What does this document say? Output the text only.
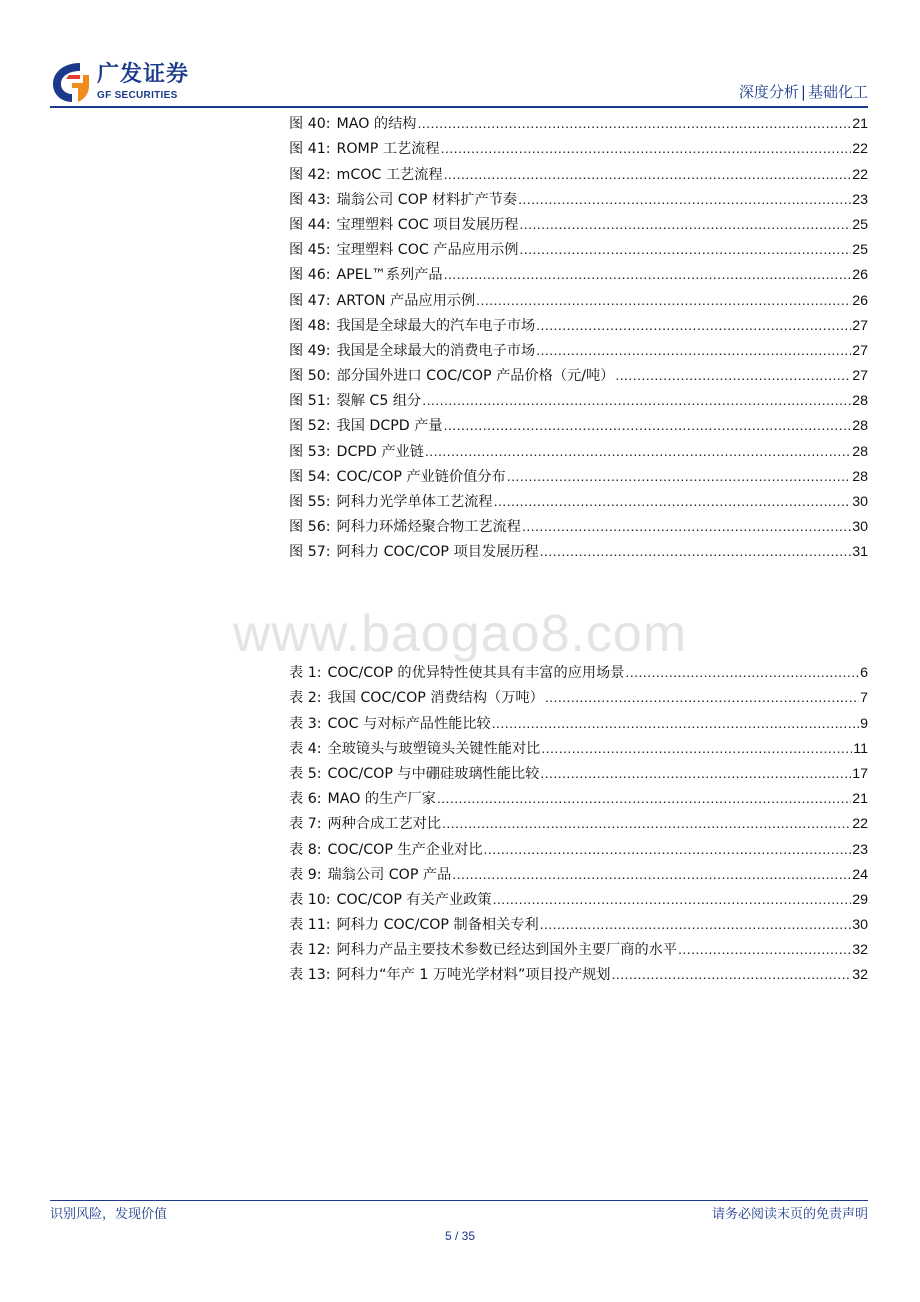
广发证券
GF SECURITIES	深度分析 | 基础化工
图 40: MAO 的结构 .....	21
图 41: ROMP 工艺流程 .....	22
图 42: mCOC 工艺流程 .....	22
图 43: 瑞翁公司 COP 材料扩产节奏 .....	23
图 44: 宝理塑料 COC 项目发展历程 .....	25
图 45: 宝理塑料 COC 产品应用示例 .....	25
图 46: APEL™系列产品 .....	26
图 47: ARTON 产品应用示例 .....	26
图 48: 我国是全球最大的汽车电子市场 .....	27
图 49: 我国是全球最大的消费电子市场 .....	27
图 50: 部分国外进口 COC/COP 产品价格（元/吨） .....	27
图 51: 裂解 C5 组分 .....	28
图 52: 我国 DCPD 产量 .....	28
图 53: DCPD 产业链 .....	28
图 54: COC/COP 产业链价值分布 .....	28
图 55: 阿科力光学单体工艺流程 .....	30
图 56: 阿科力环烯烃聚合物工艺流程 .....	30
图 57: 阿科力 COC/COP 项目发展历程 .....	31
www.baogao8.com
表 1: COC/COP 的优异特性使其具有丰富的应用场景 .....	6
表 2: 我国 COC/COP 消费结构（万吨） .....	7
表 3: COC 与对标产品性能比较 .....	9
表 4: 全玻镜头与玻塑镜头关键性能对比 .....	11
表 5: COC/COP 与中硼硅玻璃性能比较 .....	17
表 6: MAO 的生产厂家 .....	21
表 7: 两种合成工艺对比 .....	22
表 8: COC/COP 生产企业对比 .....	23
表 9: 瑞翁公司 COP 产品 .....	24
表 10: COC/COP 有关产业政策 .....	29
表 11: 阿科力 COC/COP 制备相关专利 .....	30
表 12: 阿科力产品主要技术参数已经达到国外主要厂商的水平 .....	32
表 13: 阿科力“年产 1 万吨光学材料”项目投产规划 .....	32
识别风险，发现价值	请务必阅读末页的免责声明
5 / 35
